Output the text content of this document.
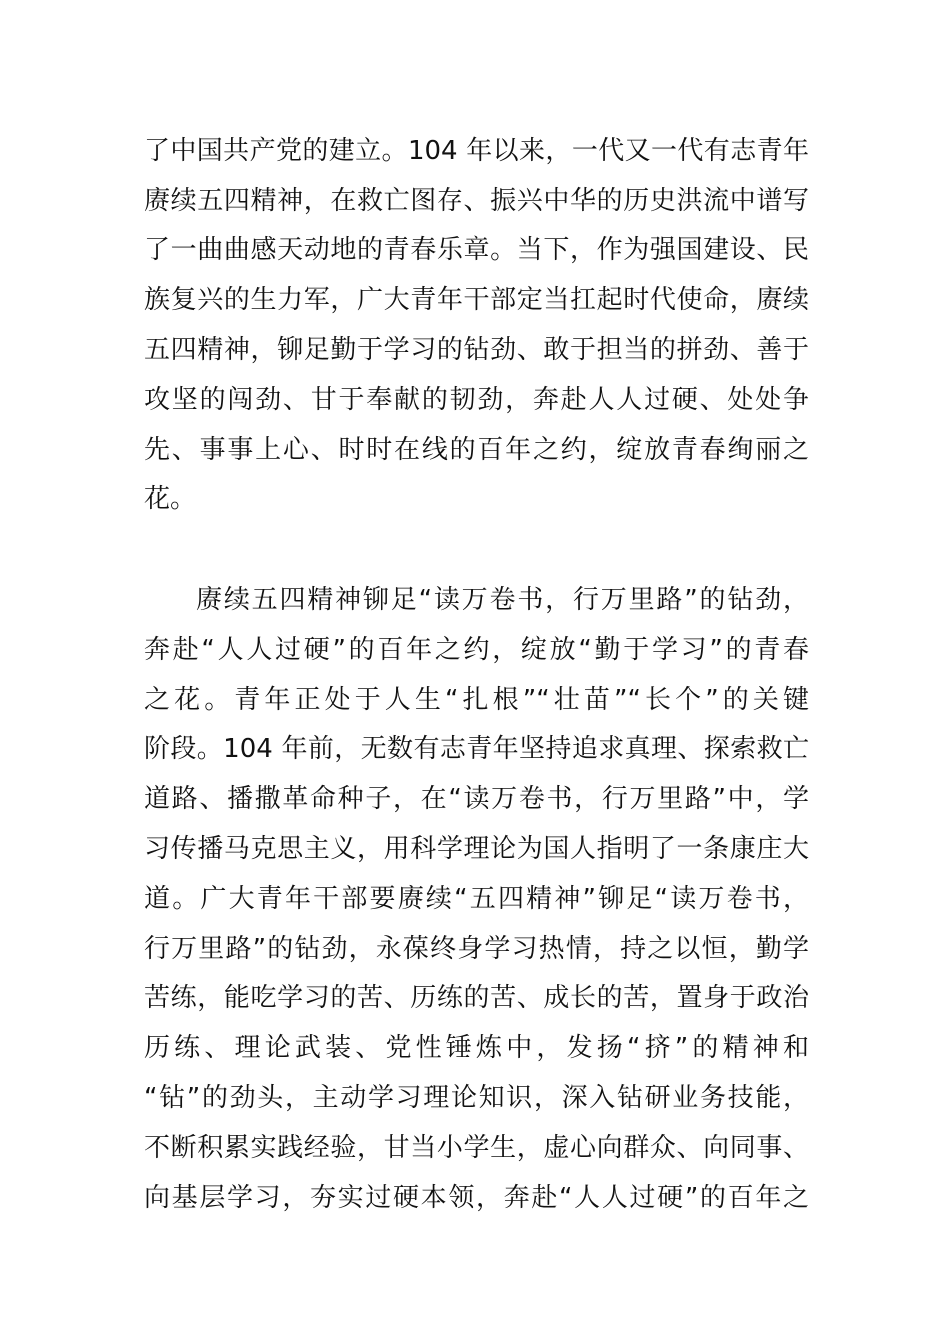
了中国共产党的建立。104 年以来，一代又一代有志青年
赓续五四精神，在救亡图存、振兴中华的历史洪流中谱写
了一曲曲感天动地的青春乐章。当下，作为强国建设、民
族复兴的生力军，广大青年干部定当扛起时代使命，赓续
五四精神，铆足勤于学习的钻劲、敢于担当的拼劲、善于
攻坚的闯劲、甘于奉献的韧劲，奔赴人人过硬、处处争
先、事事上心、时时在线的百年之约，绽放青春绚丽之
花。
赓续五四精神铆足“读万卷书，行万里路”的钻劲，
奔赴“人人过硬”的百年之约，绽放“勤于学习”的青春
之花。青年正处于人生“扎根”“壮苗”“长个”的关键
阶段。104 年前，无数有志青年坚持追求真理、探索救亡
道路、播撒革命种子，在“读万卷书，行万里路”中，学
习传播马克思主义，用科学理论为国人指明了一条康庄大
道。广大青年干部要赓续“五四精神”铆足“读万卷书，
行万里路”的钻劲，永葆终身学习热情，持之以恒，勤学
苦练，能吃学习的苦、历练的苦、成长的苦，置身于政治
历练、理论武装、党性锤炼中，发扬“挤”的精神和
“钻”的劲头，主动学习理论知识，深入钻研业务技能，
不断积累实践经验，甘当小学生，虚心向群众、向同事、
向基层学习，夯实过硬本领，奔赴“人人过硬”的百年之
